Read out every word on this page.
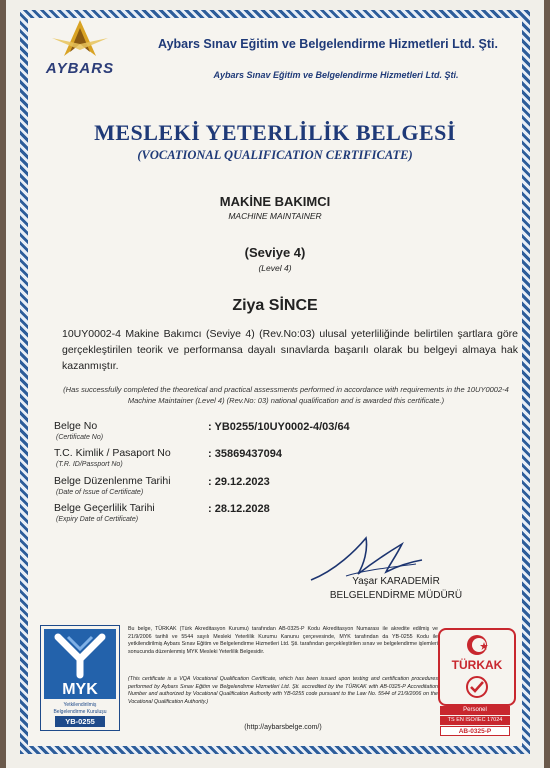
AYBARS
Aybars Sınav Eğitim ve Belgelendirme Hizmetleri Ltd. Şti.
Aybars Sınav Eğitim ve Belgelendirme Hizmetleri Ltd. Şti.
MESLEKİ YETERLİLİK BELGESİ
(VOCATIONAL QUALIFICATION CERTIFICATE)
MAKİNE BAKIMCI
MACHINE MAINTAINER
(Seviye 4)
(Level 4)
Ziya SİNCE
10UY0002-4 Makine Bakımcı (Seviye 4) (Rev.No:03) ulusal yeterliliğinde belirtilen şartlara göre gerçekleştirilen teorik ve performansa dayalı sınavlarda başarılı olarak bu belgeyi almaya hak kazanmıştır.
(Has successfully completed the theoretical and practical assessments performed in accordance with requirements in the 10UY0002-4 Machine Maintainer (Level 4) (Rev.No: 03) national qualification and is awarded this certificate.)
Belge No
(Certificate No)
: YB0255/10UY0002-4/03/64
T.C. Kimlik / Pasaport No
(T.R. ID/Passport No)
: 35869437094
Belge Düzenlenme Tarihi
(Date of Issue of Certificate)
: 29.12.2023
Belge Geçerlilik Tarihi
(Expiry Date of Certificate)
: 28.12.2028
Yaşar KARADEMİR
BELGELENDİRME MÜDÜRÜ
MYK
Yetkilendirilmiş
Belgelendirme Kuruluşu
YB-0255
Bu belge, TÜRKAK (Türk Akreditasyon Kurumu) tarafından AB-0325-P Kodu Akreditasyon Numarası ile akredite edilmiş ve 21/9/2006 tarihli ve 5544 sayılı Mesleki Yeterlilik Kurumu Kanunu çerçevesinde, MYK tarafından da YB-0255 Kodu ile yetkilendirilmiş Aybars Sınav Eğitim ve Belgelendirme Hizmetleri Ltd. Şti. tarafından gerçekleştirilen sınav ve belgelendirme işlemleri sonucunda düzenlenmiş MYK Mesleki Yeterlilik Belgesidir.
(This certificate is a VQA Vocational Qualification Certificate, which has been issued upon testing and certification procedures performed by Aybars Sınav Eğitim ve Belgelendirme Hizmetleri Ltd. Şti. accredited by the TÜRKAK with AB-0325-P Accreditation Number and authorized by Vocational Qualification Authority with YB-0255 code pursuant to the Law No. 5544 of 21/9/2006 on the Vocational Qualification Authority.)
(http://aybarsbelge.com/)
TÜRKAK
Personel
TS EN ISO/IEC 17024
AB-0325-P
